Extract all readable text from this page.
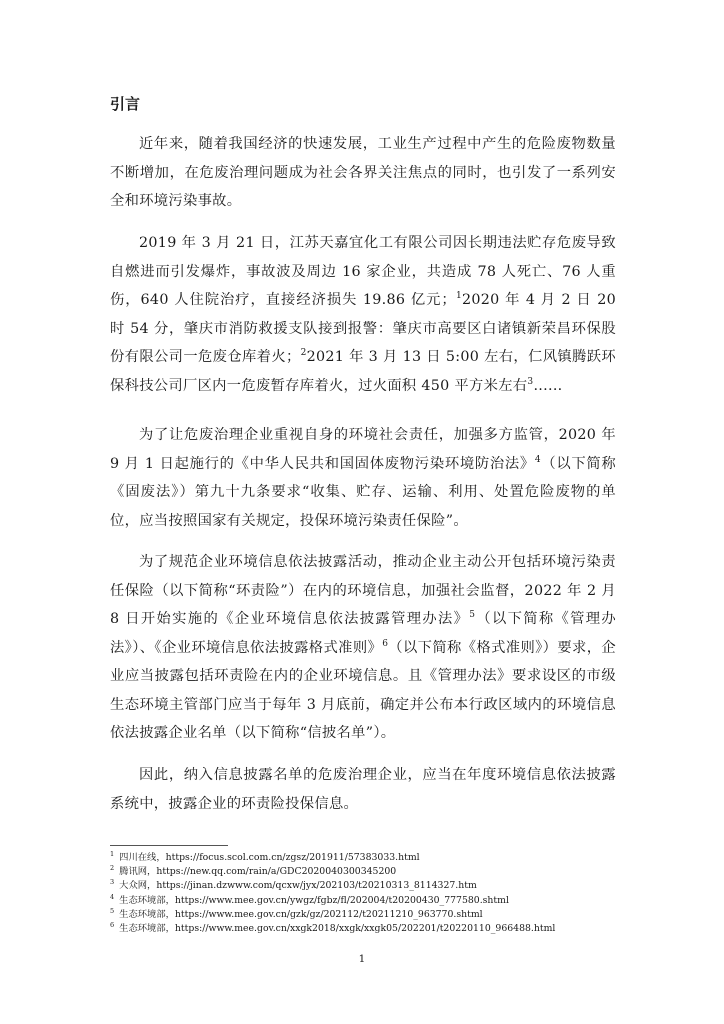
引言

近年来，随着我国经济的快速发展，工业生产过程中产生的危险废物数量不断增加，在危废治理问题成为社会各界关注焦点的同时，也引发了一系列安全和环境污染事故。

2019 年 3 月 21 日，江苏天嘉宜化工有限公司因长期违法贮存危废导致自燃进而引发爆炸，事故波及周边 16 家企业，共造成 78 人死亡、76 人重伤，640 人住院治疗，直接经济损失 19.86 亿元；$^1$2020 年 4 月 2 日 20 时 54 分，肇庆市消防救援支队接到报警：肇庆市高要区白诸镇新荣昌环保股份有限公司一危废仓库着火；$^2$2021 年 3 月 13 日 5:00 左右，仁风镇腾跃环保科技公司厂区内一危废暂存库着火，过火面积 450 平方米左右$^3$......

为了让危废治理企业重视自身的环境社会责任，加强多方监管，2020 年 9 月 1 日起施行的《中华人民共和国固体废物污染环境防治法》$^4$（以下简称《固废法》）第九十九条要求“收集、贮存、运输、利用、处置危险废物的单位，应当按照国家有关规定，投保环境污染责任保险”。

为了规范企业环境信息依法披露活动，推动企业主动公开包括环境污染责任保险（以下简称“环责险”）在内的环境信息，加强社会监督，2022 年 2 月 8 日开始实施的《企业环境信息依法披露管理办法》$^5$（以下简称《管理办法》）、《企业环境信息依法披露格式准则》$^6$（以下简称《格式准则》）要求，企业应当披露包括环责险在内的企业环境信息。且《管理办法》要求设区的市级生态环境主管部门应当于每年 3 月底前，确定并公布本行政区域内的环境信息依法披露企业名单（以下简称“信披名单”）。

因此，纳入信息披露名单的危废治理企业，应当在年度环境信息依法披露系统中，披露企业的环责险投保信息。

$^1$ 四川在线，https://focus.scol.com.cn/zgsz/201911/57383033.html
$^2$ 腾讯网，https://new.qq.com/rain/a/GDC2020040300345200
$^3$ 大众网，https://jinan.dzwww.com/qcxw/jyx/202103/t20210313_8114327.htm
$^4$ 生态环境部，https://www.mee.gov.cn/ywgz/fgbz/fl/202004/t20200430_777580.shtml
$^5$ 生态环境部，https://www.mee.gov.cn/gzk/gz/202112/t20211210_963770.shtml
$^6$ 生态环境部，https://www.mee.gov.cn/xxgk2018/xxgk/xxgk05/202201/t20220110_966488.html
1
